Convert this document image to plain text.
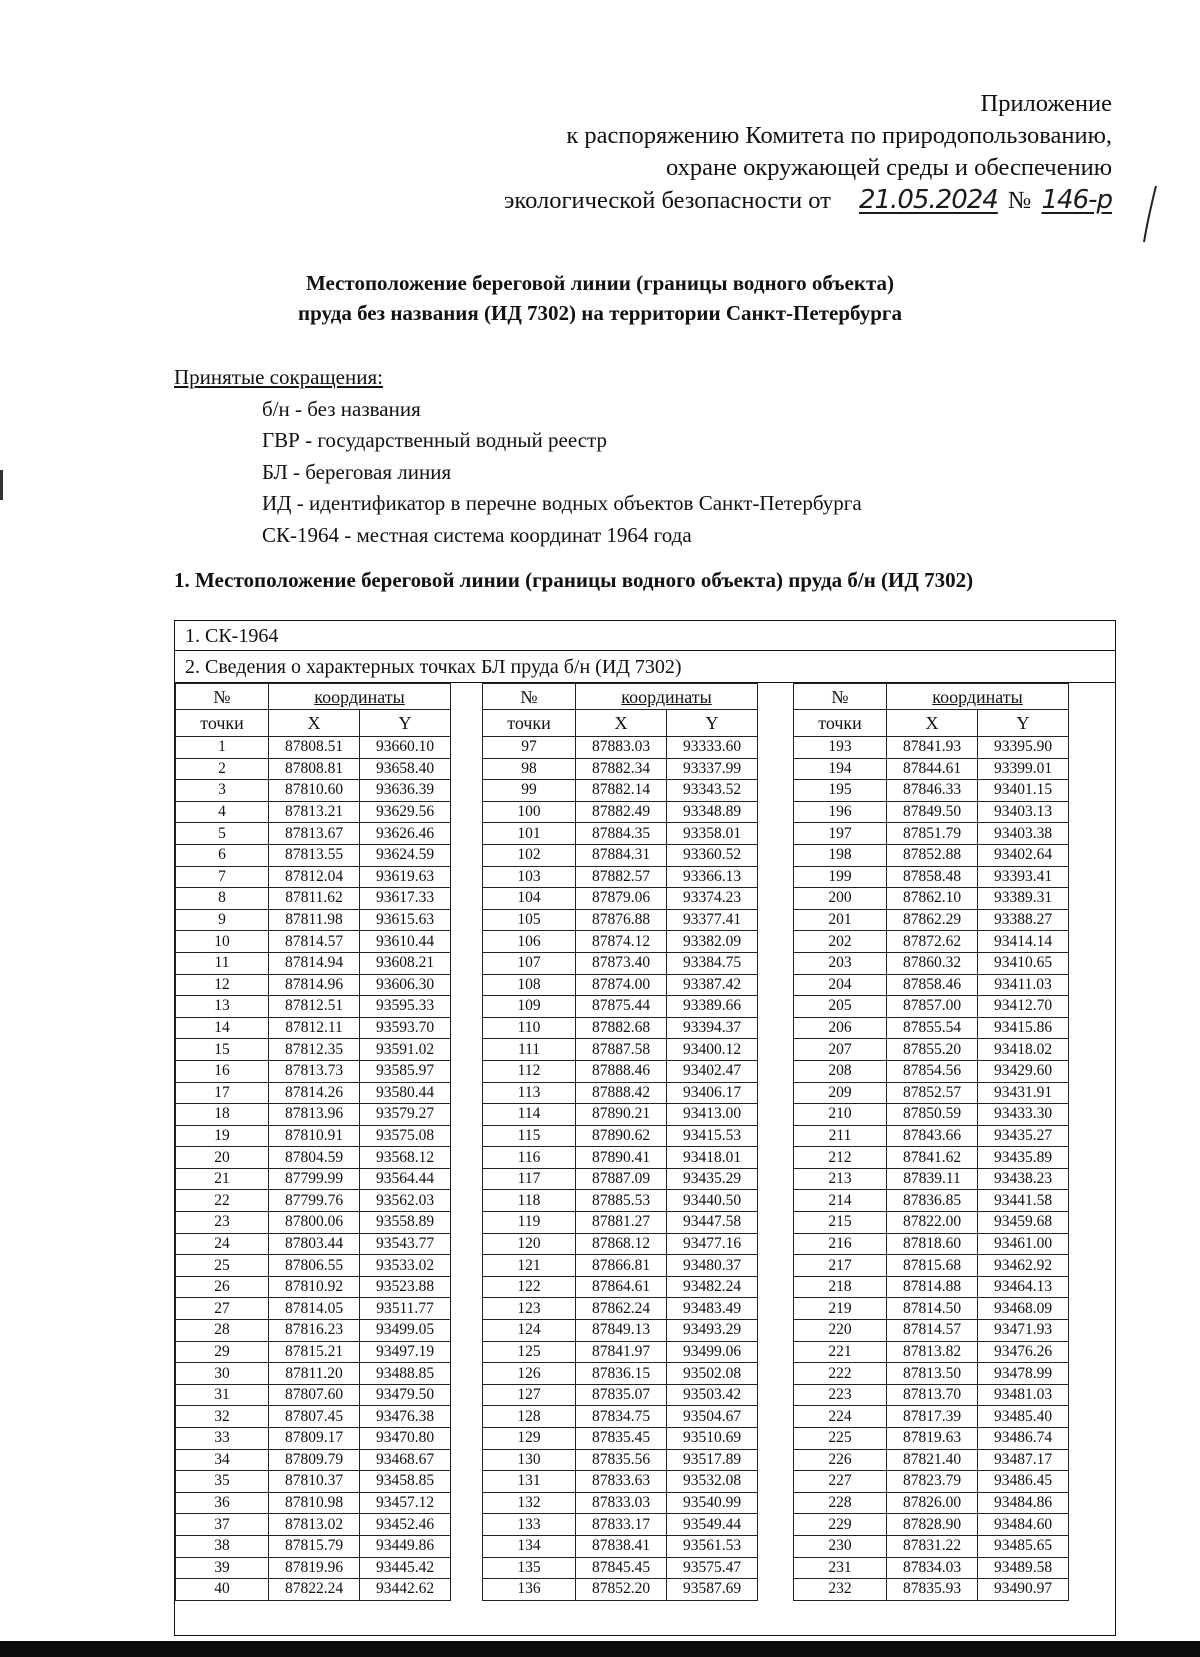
Приложение
к распоряжению Комитета по природопользованию,
охране окружающей среды и обеспечению
экологической безопасности от 21.05.2024 № 146-р
Местоположение береговой линии (границы водного объекта)
пруда без названия (ИД 7302) на территории Санкт-Петербурга
Принятые сокращения:
б/н - без названия
ГВР - государственный водный реестр
БЛ - береговая линия
ИД - идентификатор в перечне водных объектов Санкт-Петербурга
СК-1964 - местная система координат 1964 года
1. Местоположение береговой линии (границы водного объекта) пруда б/н (ИД 7302)
1. СК-1964
2. Сведения о характерных точках БЛ пруда б/н (ИД 7302)
№	координаты	
точки	X	Y
1	87808.51	93660.10
2	87808.81	93658.40
3	87810.60	93636.39
4	87813.21	93629.56
5	87813.67	93626.46
6	87813.55	93624.59
7	87812.04	93619.63
8	87811.62	93617.33
9	87811.98	93615.63
10	87814.57	93610.44
11	87814.94	93608.21
12	87814.96	93606.30
13	87812.51	93595.33
14	87812.11	93593.70
15	87812.35	93591.02
16	87813.73	93585.97
17	87814.26	93580.44
18	87813.96	93579.27
19	87810.91	93575.08
20	87804.59	93568.12
21	87799.99	93564.44
22	87799.76	93562.03
23	87800.06	93558.89
24	87803.44	93543.77
25	87806.55	93533.02
26	87810.92	93523.88
27	87814.05	93511.77
28	87816.23	93499.05
29	87815.21	93497.19
30	87811.20	93488.85
31	87807.60	93479.50
32	87807.45	93476.38
33	87809.17	93470.80
34	87809.79	93468.67
35	87810.37	93458.85
36	87810.98	93457.12
37	87813.02	93452.46
38	87815.79	93449.86
39	87819.96	93445.42
40	87822.24	93442.62
№	координаты	
точки	X	Y
97	87883.03	93333.60
98	87882.34	93337.99
99	87882.14	93343.52
100	87882.49	93348.89
101	87884.35	93358.01
102	87884.31	93360.52
103	87882.57	93366.13
104	87879.06	93374.23
105	87876.88	93377.41
106	87874.12	93382.09
107	87873.40	93384.75
108	87874.00	93387.42
109	87875.44	93389.66
110	87882.68	93394.37
111	87887.58	93400.12
112	87888.46	93402.47
113	87888.42	93406.17
114	87890.21	93413.00
115	87890.62	93415.53
116	87890.41	93418.01
117	87887.09	93435.29
118	87885.53	93440.50
119	87881.27	93447.58
120	87868.12	93477.16
121	87866.81	93480.37
122	87864.61	93482.24
123	87862.24	93483.49
124	87849.13	93493.29
125	87841.97	93499.06
126	87836.15	93502.08
127	87835.07	93503.42
128	87834.75	93504.67
129	87835.45	93510.69
130	87835.56	93517.89
131	87833.63	93532.08
132	87833.03	93540.99
133	87833.17	93549.44
134	87838.41	93561.53
135	87845.45	93575.47
136	87852.20	93587.69
№	координаты	
точки	X	Y
193	87841.93	93395.90
194	87844.61	93399.01
195	87846.33	93401.15
196	87849.50	93403.13
197	87851.79	93403.38
198	87852.88	93402.64
199	87858.48	93393.41
200	87862.10	93389.31
201	87862.29	93388.27
202	87872.62	93414.14
203	87860.32	93410.65
204	87858.46	93411.03
205	87857.00	93412.70
206	87855.54	93415.86
207	87855.20	93418.02
208	87854.56	93429.60
209	87852.57	93431.91
210	87850.59	93433.30
211	87843.66	93435.27
212	87841.62	93435.89
213	87839.11	93438.23
214	87836.85	93441.58
215	87822.00	93459.68
216	87818.60	93461.00
217	87815.68	93462.92
218	87814.88	93464.13
219	87814.50	93468.09
220	87814.57	93471.93
221	87813.82	93476.26
222	87813.50	93478.99
223	87813.70	93481.03
224	87817.39	93485.40
225	87819.63	93486.74
226	87821.40	93487.17
227	87823.79	93486.45
228	87826.00	93484.86
229	87828.90	93484.60
230	87831.22	93485.65
231	87834.03	93489.58
232	87835.93	93490.97
